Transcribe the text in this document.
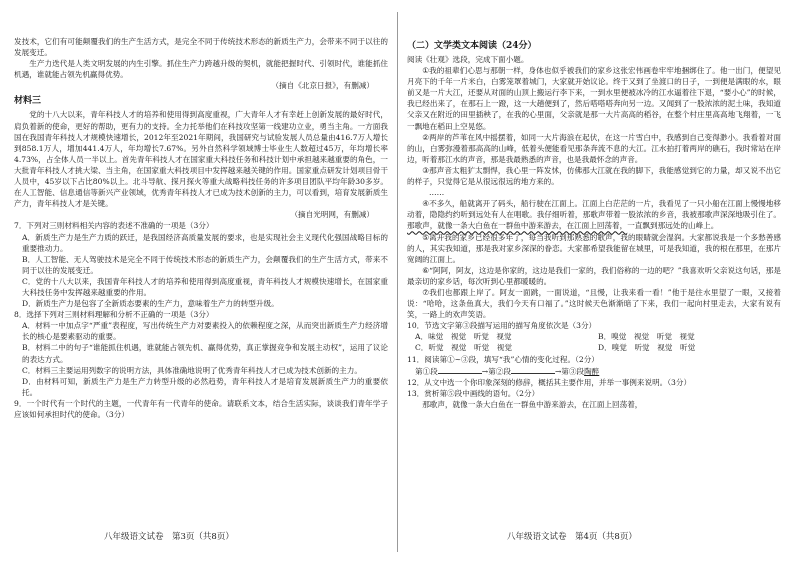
发技术，它们有可能颠覆我们的生产生活方式，是完全不同于传统技术形态的新质生产力，会带来不同于以往的发展变迁。

生产力迭代是人类文明发展的内生引擎。抓住生产力跨越升级的契机，就能把握时代、引领时代，谁能抓住机遇，谁就能占领先机赢得优势。

（摘自《北京日报》，有删减）

材料三

党的十八大以来，青年科技人才的培养和使用得到高度重视，广大青年人才有幸赶上创新发展的最好时代，肩负着新的使命，更好的帮助，更有力的支持。全力托举他们在科技攻坚第一线建功立业，勇当主角。一方面我国在我国青年科技人才规模快速增长，2012年至2021年期间，我国研究与试验发展人员总量由416.7万人增长到858.1万人，增加441.4万人，年均增长7.67%。另外自然科学领域博士毕业生人数超过45万，年均增长率4.73%，占全体人员一半以上。首先青年科技人才在国家重大科技任务和科技计划中承担越来越重要的角色，一大批青年科技人才挑大梁、当主角，在国家重大科技项目中发挥越来越关键的作用。国家重点研发计划项目骨干人员中，45岁以下占比80%以上。北斗导航、探月探火等重大战略科技任务的许多项目团队平均年龄30多岁。在人工智能、信息通信等新兴产业领域，优秀青年科技人才已成为技术创新的主力，可以看到，培育发展新质生产力，青年科技人才是关键。

（摘自光明网，有删减）

7．下列对三则材料相关内容的表述不准确的一项是（3分）

A．新质生产力是生产力质的跃迁，是我国经济高质量发展的要求，也是实现社会主义现代化强国战略目标的重要推动力。

B．人工智能、无人驾驶技术是完全不同于传统技术形态的新质生产力，会颠覆我们的生产生活方式，带来不同于以往的发展变迁。

C．党的十八大以来，我国青年科技人才的培养和使用得到高度重视，青年科技人才规模快速增长，在国家重大科技任务中发挥越来越重要的作用。

D．新质生产力是包容了全新质态要素的生产力，意味着生产力的转型升级。

8．选择下列对三则材料理解和分析不正确的一项是（3分）

A．材料一中加点字“严重”表程度，写出传统生产力对要素投入的依赖程度之深，从而突出新质生产力经济增长的核心是要素驱动的重要。

B．材料二中的句子“谁能抓住机遇，谁就能占领先机、赢得优势，真正掌握竞争和发展主动权”，运用了议论的表达方式。

C．材料三主要运用列数字的说明方法，具体准确地说明了优秀青年科技人才已成为技术创新的主力。

D．由材料可知，新质生产力是生产力转型升级的必然趋势，青年科技人才是培育发展新质生产力的重要依托。

9．一个时代有一个时代的主题，一代青年有一代青年的使命。请联系文本，结合生活实际，谈谈我们青年学子应该如何承担时代的使命。（3分）

八年级语文试卷　第3页（共8页）

（二）文学类文本阅读（24分）

阅读《壮观》选段，完成下面小题。

①我的祖辈们心思与那朝一样，身体也似乎被我们的家乡这张宏伟画卷牢牢地捆绑住了。他一出门，便望见月亮下的千年一片米白，白雾笼罩着城门，大家就开始议论。终于又到了坐渡口的日子，一到便是满眼的水，眼前又是一片大江，还要从对面的山顶上搬运行李下来，一到水里便被冰冷的江水逼着往下退，“要小心”的时候，我已经出来了，在那石上一蹬，这一大趟便到了，然后嗒嗒嗒奔向另一边。又闻到了一股浓浓的泥土味，我知道父亲又在附近的田里插秧了，在我的心里面，父亲就是那一大片高高的稻谷，在整个村庄里高高地飞翔着，一飞一飘地在稻田上空晃悠。

②两岸的芦苇在风中摇摆着，如同一大片海浪在起伏，在这一片雪白中，我感到自己变得渺小。我看着对面的山，白雾弥漫着那高高的山峰，低着头便能看见那条奔流不息的大江。江水拍打着两岸的礁石，我时常站在岸边，听着那江水的声音，那是我最熟悉的声音，也是我最怀念的声音。

③那声音太粗犷太剽悍，我心里一阵发怵，仿佛那大江就在我的脚下，我能感觉到它的力量，却又说不出它的样子，只觉得它是从很远很远的地方来的。

……

④不多久，船就离开了码头，船行驶在江面上。江面上白茫茫的一片，我看见了一只小船在江面上慢慢地移动着，隐隐约约听到远处有人在唱歌。我仔细听着，那歌声带着一股浓浓的乡音，我被那歌声深深地吸引住了。那歌声，就像一条大白鱼在一群鱼中游来游去，在江面上回荡着，一直飘到那远处的山峰上。

⑤离开我的家乡已经很多年了，每当我听到那熟悉的歌声，我的眼睛就会湿润。大家都说我是一个多愁善感的人，其实我知道，那是我对家乡深深的眷恋。大家都希望我能留在城里，可是我知道，我的根在那里，在那片宽阔的江面上。

⑥“阿阿，阿友，这边是你家的，这边是我们一家的，我们俗称的一边的吧？”我喜欢听父亲说这句话，那是最亲切的家乡话，每次听到心里都暖暖的。

⑦我们也都跟上岸了。阿友一面跳，一面说道，“且慢，让我来看一看！”他于是往水里望了一眼，又接着说：“哈哈，这条鱼真大，我们今天有口福了。”这时候天色渐渐暗了下来，我们一起向村里走去，大家有说有笑，一路上的欢声笑语。

10．节选文字第③段描写运用的描写角度依次是（3分）

A．味觉　视觉　听觉　视觉	B．嗅觉　视觉　听觉　视觉
C．听觉　视觉　听觉　视觉	D．嗅觉　听觉　视觉　听觉

11．阅读第①~③段，填写“我”心情的变化过程。（2分）

第①段	→第②段	→第③段陶醉

12．从文中选一个你印象深刻的修辞，概括其主要作用，并举一事例来说明。（3分）

13．赏析第⑤段中画线的语句。（2分）

那歌声，就像一条大白鱼在一群鱼中游来游去，在江面上回荡着，

八年级语文试卷　第4页（共8页）
